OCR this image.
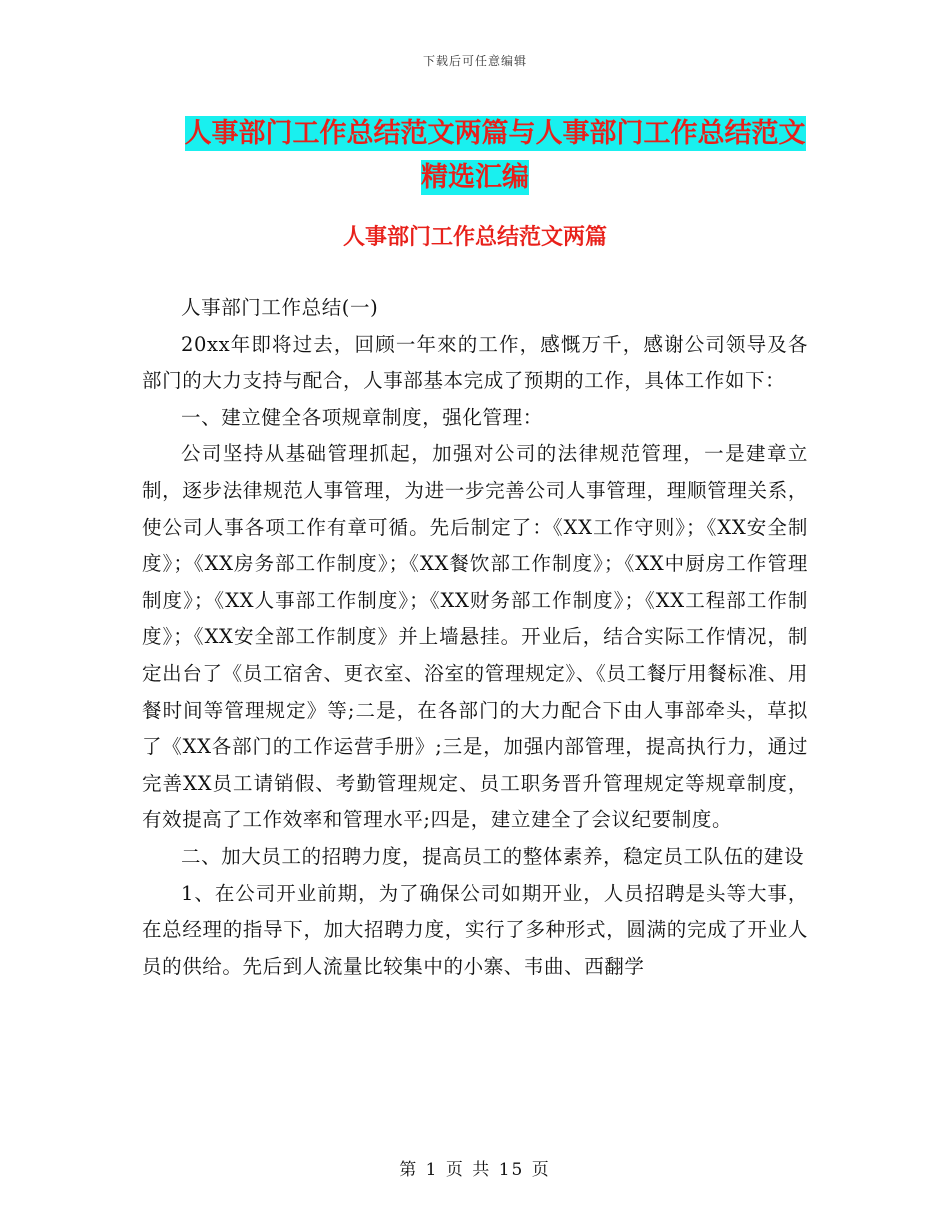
下载后可任意编辑
人事部门工作总结范文两篇与人事部门工作总结范文
精选汇编
人事部门工作总结范文两篇

人事部门工作总结(一)

20xx年即将过去，回顾一年來的工作，感慨万千，感谢公司领导及各部门的大力支持与配合，人事部基本完成了预期的工作，具体工作如下：

一、建立健全各项规章制度，强化管理：

公司坚持从基础管理抓起，加强对公司的法律规范管理，一是建章立制，逐步法律规范人事管理，为进一步完善公司人事管理，理顺管理关系，使公司人事各项工作有章可循。先后制定了：《XX工作守则》；《XX安全制度》；《XX房务部工作制度》；《XX餐饮部工作制度》；《XX中厨房工作管理制度》；《XX人事部工作制度》；《XX财务部工作制度》；《XX工程部工作制度》；《XX安全部工作制度》并上墙悬挂。开业后，结合实际工作情况，制定出台了《员工宿舍、更衣室、浴室的管理规定》、《员工餐厅用餐标准、用餐时间等管理规定》等;二是，在各部门的大力配合下由人事部牵头，草拟了《XX各部门的工作运营手册》;三是，加强内部管理，提高执行力，通过完善XX员工请销假、考勤管理规定、员工职务晋升管理规定等规章制度，有效提高了工作效率和管理水平;四是，建立建全了会议纪要制度。

二、加大员工的招聘力度，提高员工的整体素养，稳定员工队伍的建设

1、在公司开业前期，为了确保公司如期开业，人员招聘是头等大事，在总经理的指导下，加大招聘力度，实行了多种形式，圆满的完成了开业人员的供给。先后到人流量比较集中的小寨、韦曲、西翻学

第 1 页 共 15 页
